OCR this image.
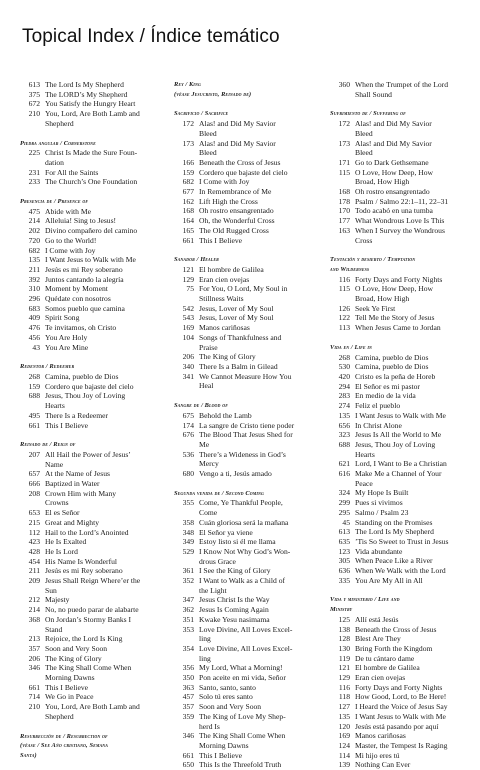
Topical Index / Índice temático
613 The Lord Is My Shepherd
375 The LORD’s My Shepherd
672 You Satisfy the Hungry Heart
210 You, Lord, Are Both Lamb and
Shepherd
Piedra angular / Cornerstone
225 Christ Is Made the Sure Foun-
dation
231 For All the Saints
233 The Church’s One Foundation
Presencia de / Presence of
475 Abide with Me
214 Alleluia! Sing to Jesus!
202 Divino compañero del camino
720 Go to the World!
682 I Come with Joy
135 I Want Jesus to Walk with Me
211 Jesús es mi Rey soberano
392 Juntos cantando la alegría
310 Moment by Moment
296 Quédate con nosotros
683 Somos pueblo que camina
409 Spirit Song
476 Te invitamos, oh Cristo
456 You Are Holy
43 You Are Mine
Redentor / Redeemer
268 Camina, pueblo de Dios
159 Cordero que bajaste del cielo
688 Jesus, Thou Joy of Loving
Hearts
495 There Is a Redeemer
661 This I Believe
Reinado de / Reign of
207 All Hail the Power of Jesus’
Name
657 At the Name of Jesus
666 Baptized in Water
208 Crown Him with Many
Crowns
653 El es Señor
215 Great and Mighty
112 Hail to the Lord’s Anointed
423 He Is Exalted
428 He Is Lord
454 His Name Is Wonderful
211 Jesús es mi Rey soberano
209 Jesus Shall Reign Where’er the
Sun
212 Majesty
214 No, no puedo parar de alabarte
368 On Jordan’s Stormy Banks I
Stand
213 Rejoice, the Lord Is King
357 Soon and Very Soon
206 The King of Glory
346 The King Shall Come When
Morning Dawns
661 This I Believe
714 We Go in Peace
210 You, Lord, Are Both Lamb and
Shepherd
Resurrección de / Resurrection of
(véase / See Año cristiano, Semana
Santa)
Rey / King
(véase Jesucristo, Reinado de)
Sacrificio / Sacrifice
172 Alas! and Did My Savior
Bleed
173 Alas! and Did My Savior
Bleed
166 Beneath the Cross of Jesus
159 Cordero que bajaste del cielo
682 I Come with Joy
677 In Remembrance of Me
162 Lift High the Cross
168 Oh rostro ensangrentado
164 Oh, the Wonderful Cross
165 The Old Rugged Cross
661 This I Believe
Sanador / Healer
121 El hombre de Galilea
129 Eran cien ovejas
75 For You, O Lord, My Soul in
Stillness Waits
542 Jesus, Lover of My Soul
543 Jesus, Lover of My Soul
169 Manos cariñosas
104 Songs of Thankfulness and
Praise
206 The King of Glory
340 There Is a Balm in Gilead
341 We Cannot Measure How You
Heal
Sangre de / Blood of
675 Behold the Lamb
174 La sangre de Cristo tiene poder
676 The Blood That Jesus Shed for
Me
536 There’s a Wideness in God’s
Mercy
680 Vengo a ti, Jesús amado
Segunda venida de / Second Coming
355 Come, Ye Thankful People,
Come
358 Cuán gloriosa será la mañana
348 El Señor ya viene
349 Estoy listo si él me llama
529 I Know Not Why God’s Won-
drous Grace
361 I See the King of Glory
352 I Want to Walk as a Child of
the Light
347 Jesus Christ Is the Way
362 Jesus Is Coming Again
351 Kwake Yesu nasimama
353 Love Divine, All Loves Excel-
ling
354 Love Divine, All Loves Excel-
ling
356 My Lord, What a Morning!
350 Pon aceite en mi vida, Señor
363 Santo, santo, santo
457 Solo tú eres santo
357 Soon and Very Soon
359 The King of Love My Shep-
herd Is
346 The King Shall Come When
Morning Dawns
661 This I Believe
650 This Is the Threefold Truth
360 When the Trumpet of the Lord
Shall Sound
Sufrimiento de / Suffering of
172 Alas! and Did My Savior
Bleed
173 Alas! and Did My Savior
Bleed
171 Go to Dark Gethsemane
115 O Love, How Deep, How
Broad, How High
168 Oh rostro ensangrentado
178 Psalm / Salmo 22:1–11, 22–31
170 Todo acabó en una tumba
177 What Wondrous Love Is This
163 When I Survey the Wondrous
Cross
Tentación y desierto / Temptation
and Wilderness
116 Forty Days and Forty Nights
115 O Love, How Deep, How
Broad, How High
126 Seek Ye First
122 Tell Me the Story of Jesus
113 When Jesus Came to Jordan
Vida en / Life in
268 Camina, pueblo de Dios
530 Camina, pueblo de Dios
420 Cristo es la peña de Horeb
294 El Señor es mi pastor
283 En medio de la vida
274 Feliz el pueblo
135 I Want Jesus to Walk with Me
656 In Christ Alone
323 Jesus Is All the World to Me
688 Jesus, Thou Joy of Loving
Hearts
621 Lord, I Want to Be a Christian
616 Make Me a Channel of Your
Peace
324 My Hope Is Built
299 Pues si vivimos
295 Salmo / Psalm 23
45 Standing on the Promises
613 The Lord Is My Shepherd
635 ’Tis So Sweet to Trust in Jesus
123 Vida abundante
305 When Peace Like a River
636 When We Walk with the Lord
335 You Are My All in All
Vida y ministerio / Life and
Ministry
125 Allí está Jesús
138 Beneath the Cross of Jesus
128 Blest Are They
130 Bring Forth the Kingdom
119 De tu cántaro dame
121 El hombre de Galilea
129 Eran cien ovejas
116 Forty Days and Forty Nights
118 How Good, Lord, to Be Here!
127 I Heard the Voice of Jesus Say
135 I Want Jesus to Walk with Me
120 Jesús está pasando por aquí
169 Manos cariñosas
124 Master, the Tempest Is Raging
114 Mi hijo eres tú
139 Nothing Can Ever
